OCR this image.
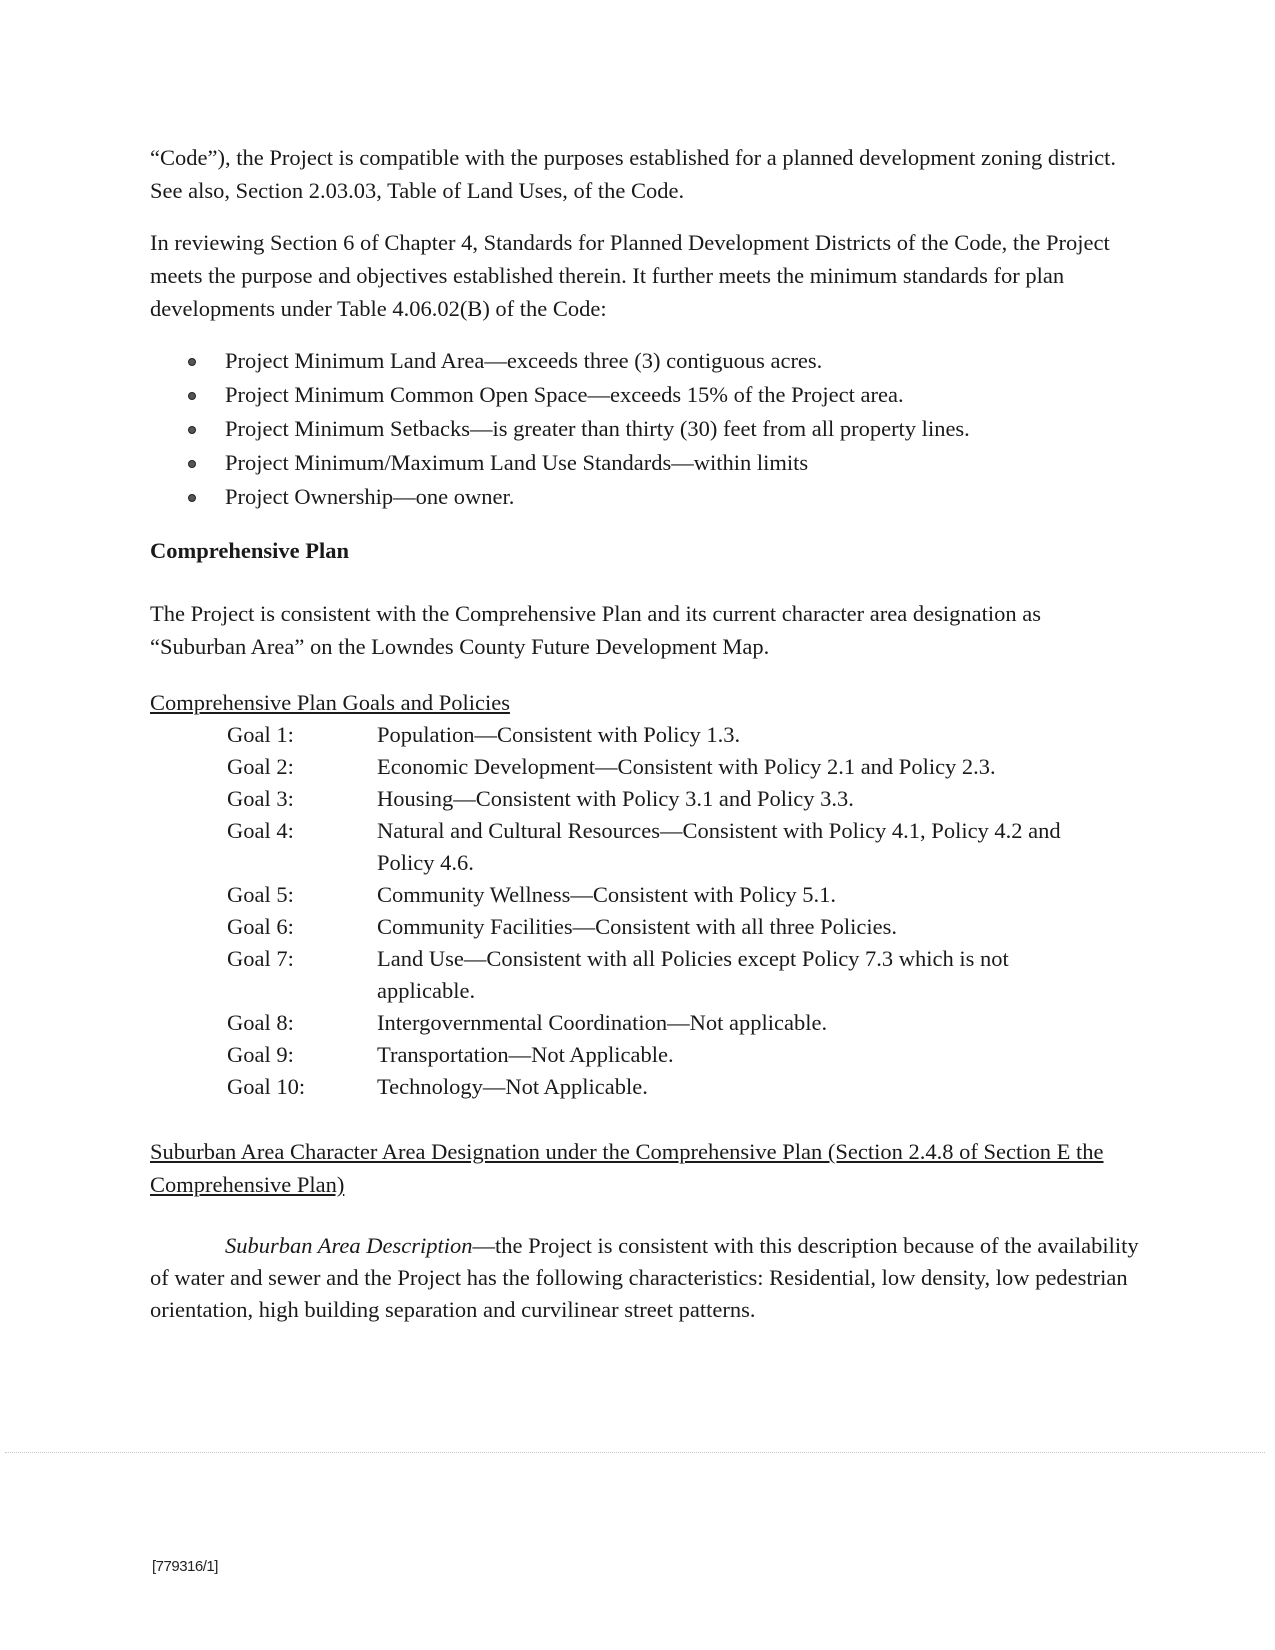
“Code”), the Project is compatible with the purposes established for a planned development zoning district. See also, Section 2.03.03, Table of Land Uses, of the Code.

In reviewing Section 6 of Chapter 4, Standards for Planned Development Districts of the Code, the Project meets the purpose and objectives established therein. It further meets the minimum standards for plan developments under Table 4.06.02(B) of the Code:

Project Minimum Land Area—exceeds three (3) contiguous acres.
Project Minimum Common Open Space—exceeds 15% of the Project area.
Project Minimum Setbacks—is greater than thirty (30) feet from all property lines.
Project Minimum/Maximum Land Use Standards—within limits
Project Ownership—one owner.

Comprehensive Plan

The Project is consistent with the Comprehensive Plan and its current character area designation as “Suburban Area” on the Lowndes County Future Development Map.

Comprehensive Plan Goals and Policies

Goal 1:	Population—Consistent with Policy 1.3.
Goal 2:	Economic Development—Consistent with Policy 2.1 and Policy 2.3.
Goal 3:	Housing—Consistent with Policy 3.1 and Policy 3.3.
Goal 4:	Natural and Cultural Resources—Consistent with Policy 4.1, Policy 4.2 and Policy 4.6.
Goal 5:	Community Wellness—Consistent with Policy 5.1.
Goal 6:	Community Facilities—Consistent with all three Policies.
Goal 7:	Land Use—Consistent with all Policies except Policy 7.3 which is not applicable.
Goal 8:	Intergovernmental Coordination—Not applicable.
Goal 9:	Transportation—Not Applicable.
Goal 10:	Technology—Not Applicable.

Suburban Area Character Area Designation under the Comprehensive Plan (Section 2.4.8 of Section E the Comprehensive Plan)

Suburban Area Description—the Project is consistent with this description because of the availability of water and sewer and the Project has the following characteristics: Residential, low density, low pedestrian orientation, high building separation and curvilinear street patterns.

[779316/1]
